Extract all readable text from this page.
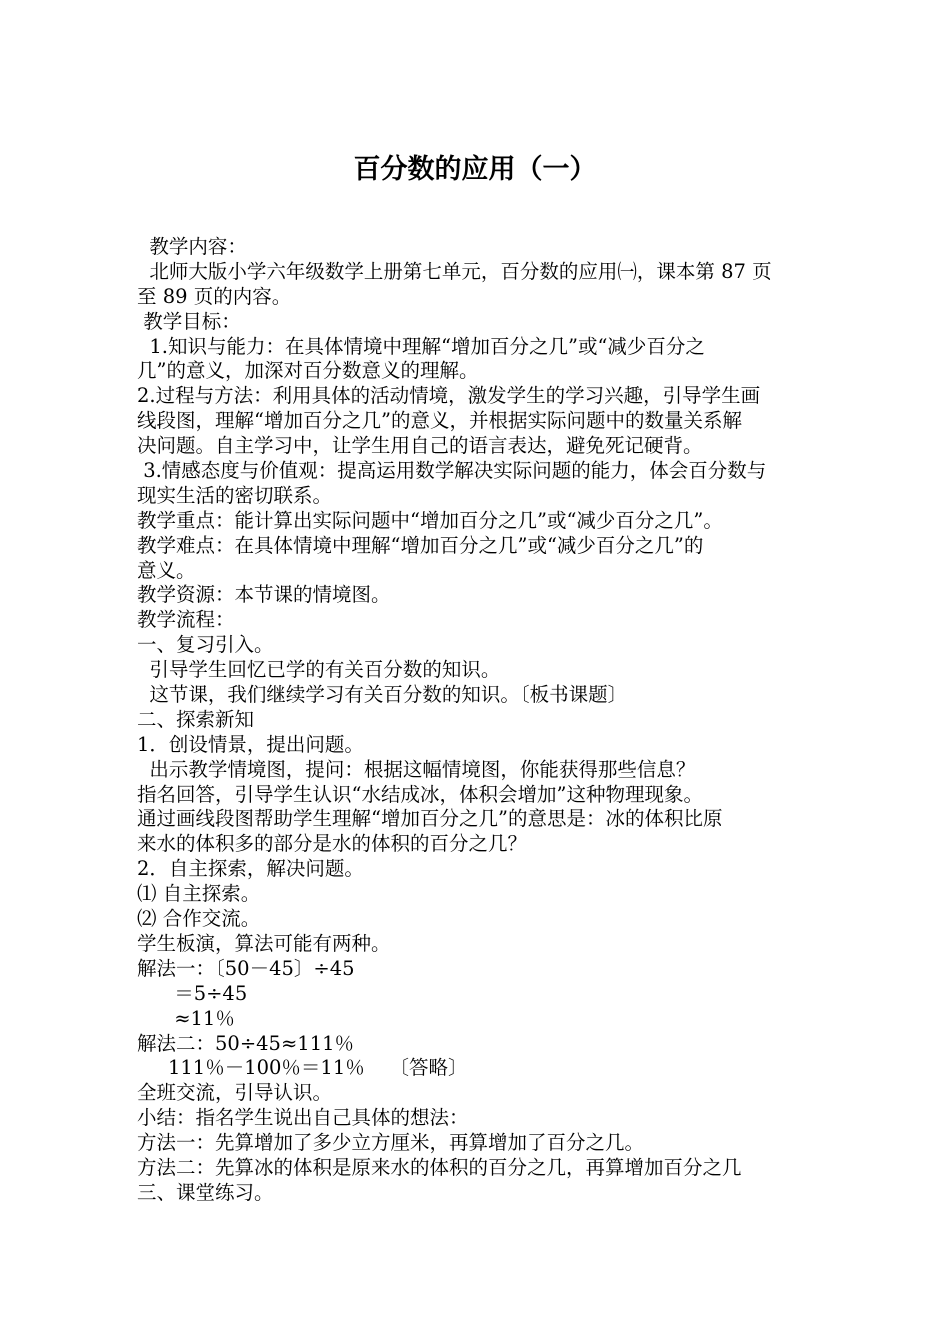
百分数的应用（一）
教学内容：
北师大版小学六年级数学上册第七单元，百分数的应用㈠，课本第 87 页
至 89 页的内容。
教学目标：
1.知识与能力：在具体情境中理解“增加百分之几”或“减少百分之
几”的意义，加深对百分数意义的理解。
2.过程与方法：利用具体的活动情境，激发学生的学习兴趣，引导学生画
线段图，理解“增加百分之几”的意义，并根据实际问题中的数量关系解
决问题。自主学习中，让学生用自己的语言表达，避免死记硬背。
3.情感态度与价值观：提高运用数学解决实际问题的能力，体会百分数与
现实生活的密切联系。
教学重点：能计算出实际问题中“增加百分之几”或“减少百分之几”。
教学难点：在具体情境中理解“增加百分之几”或“减少百分之几”的
意义。
教学资源：本节课的情境图。
教学流程：
一、复习引入。
引导学生回忆已学的有关百分数的知识。
这节课，我们继续学习有关百分数的知识。〔板书课题〕
二、探索新知
1．创设情景，提出问题。
出示教学情境图，提问：根据这幅情境图，你能获得那些信息？
指名回答，引导学生认识“水结成冰，体积会增加”这种物理现象。
通过画线段图帮助学生理解“增加百分之几”的意思是：冰的体积比原
来水的体积多的部分是水的体积的百分之几？
2．自主探索，解决问题。
⑴ 自主探索。
⑵ 合作交流。
学生板演，算法可能有两种。
解法一：〔50－45〕÷45
＝5÷45
≈11％
解法二：50÷45≈111％
111％－100％＝11％    〔答略〕
全班交流，引导认识。
小结：指名学生说出自己具体的想法：
方法一：先算增加了多少立方厘米，再算增加了百分之几。
方法二：先算冰的体积是原来水的体积的百分之几，再算增加百分之几
三、课堂练习。
